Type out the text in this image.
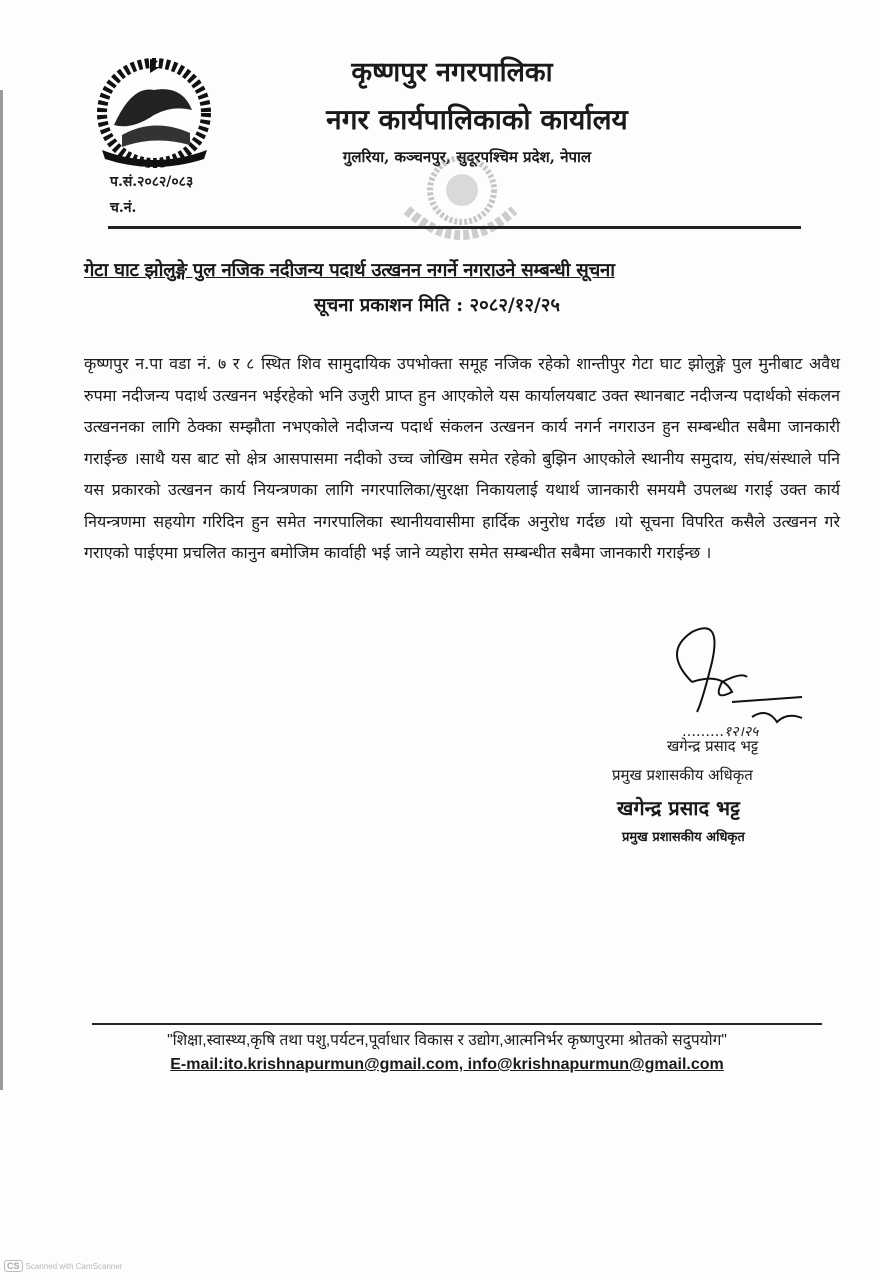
प.सं.२०८२/०८३
च.नं.
कृष्णपुर नगरपालिका
नगर कार्यपालिकाको कार्यालय
गुलरिया, कञ्चनपुर, सुदूरपश्चिम प्रदेश, नेपाल
गेटा घाट झोलुङ्गे पुल नजिक नदीजन्य पदार्थ उत्खनन नगर्ने नगराउने सम्बन्धी सूचना
सूचना प्रकाशन मिति : २०८२/१२/२५
कृष्णपुर न.पा वडा नं. ७ र ८ स्थित शिव सामुदायिक उपभोक्ता समूह नजिक रहेको शान्तीपुर गेटा घाट झोलुङ्गे पुल मुनीबाट अवैध रुपमा नदीजन्य पदार्थ उत्खनन भईरहेको भनि उजुरी प्राप्त हुन आएकोले यस कार्यालयबाट उक्त स्थानबाट नदीजन्य पदार्थको संकलन उत्खननका लागि ठेक्का सम्झौता नभएकोले नदीजन्य पदार्थ संकलन उत्खनन कार्य नगर्न नगराउन हुन सम्बन्धीत सबैमा जानकारी गराईन्छ ।साथै यस बाट सो क्षेत्र आसपासमा नदीको उच्च जोखिम समेत रहेको बुझिन आएकोले स्थानीय समुदाय, संघ/संस्थाले पनि यस प्रकारको उत्खनन कार्य नियन्त्रणका लागि नगरपालिका/सुरक्षा निकायलाई यथार्थ जानकारी समयमै उपलब्ध गराई उक्त कार्य नियन्त्रणमा सहयोग गरिदिन हुन समेत नगरपालिका स्थानीयवासीमा हार्दिक अनुरोध गर्दछ ।यो सूचना विपरित कसैले उत्खनन गरे गराएको पाईएमा प्रचलित कानुन बमोजिम कार्वाही भई जाने व्यहोरा समेत सम्बन्धीत सबैमा जानकारी गराईन्छ ।
………१२।२५
खगेन्द्र प्रसाद भट्ट
प्रमुख प्रशासकीय अधिकृत
खगेन्द्र प्रसाद भट्ट
प्रमुख प्रशासकीय अधिकृत
"शिक्षा,स्वास्थ्य,कृषि तथा पशु,पर्यटन,पूर्वाधार विकास र उद्योग,आत्मनिर्भर कृष्णपुरमा श्रोतको सदुपयोग"
E-mail:ito.krishnapurmun@gmail.com, info@krishnapurmun@gmail.com
CS Scanned with CamScanner
